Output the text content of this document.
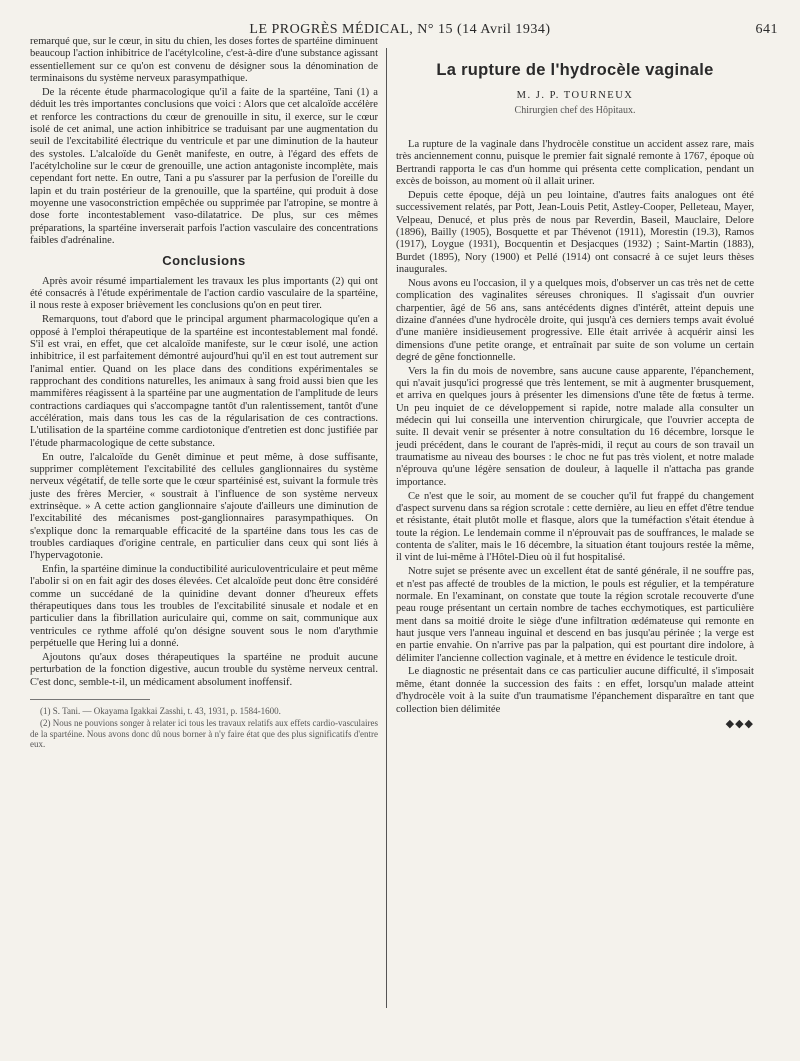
LE PROGRÈS MÉDICAL, N° 15 (14 Avril 1934)	641

remarqué que, sur le cœur, in situ du chien, les doses fortes de spartéine diminuent beaucoup l'action inhibitrice de l'acétylcoline, c'est-à-dire d'une substance agissant essentiellement sur ce qu'on est convenu de désigner sous la dénomination de terminaisons du système nerveux parasympathique.

De la récente étude pharmacologique qu'il a faite de la spartéine, Tani (1) a déduit les très importantes conclusions que voici : Alors que cet alcaloïde accélère et renforce les contractions du cœur de grenouille in situ, il exerce, sur le cœur isolé de cet animal, une action inhibitrice se traduisant par une augmentation du seuil de l'excitabilité électrique du ventricule et par une diminution de la hauteur des systoles. L'alcaloïde du Genêt manifeste, en outre, à l'égard des effets de l'acétylcholine sur le cœur de grenouille, une action antagoniste incomplète, mais cependant fort nette. En outre, Tani a pu s'assurer par la perfusion de l'oreille du lapin et du train postérieur de la grenouille, que la spartéine, qui produit à dose moyenne une vasoconstriction empêchée ou supprimée par l'atropine, se montre à dose forte incontestablement vaso-dilatatrice. De plus, sur ces mêmes préparations, la spartéine inverserait parfois l'action vasculaire des concentrations faibles d'adrénaline.

Conclusions

Après avoir résumé impartialement les travaux les plus importants (2) qui ont été consacrés à l'étude expérimentale de l'action cardio vasculaire de la spartéine, il nous reste à exposer brièvement les conclusions qu'on en peut tirer.

Remarquons, tout d'abord que le principal argument pharmacologique qu'en a opposé à l'emploi thérapeutique de la spartéine est incontestablement mal fondé. S'il est vrai, en effet, que cet alcaloïde manifeste, sur le cœur isolé, une action inhibitrice, il est parfaitement démontré aujourd'hui qu'il en est tout autrement sur l'animal entier. Quand on les place dans des conditions expérimentales se rapprochant des conditions naturelles, les animaux à sang froid aussi bien que les mammifères réagissent à la spartéine par une augmentation de l'amplitude de leurs contractions cardiaques qui s'accompagne tantôt d'un ralentissement, tantôt d'une accélération, mais dans tous les cas de la régularisation de ces contractions. L'utilisation de la spartéine comme cardiotonique d'entretien est donc justifiée par l'étude pharmacologique de cette substance.

En outre, l'alcaloïde du Genêt diminue et peut même, à dose suffisante, supprimer complètement l'excitabilité des cellules ganglionnaires du système nerveux végétatif, de telle sorte que le cœur spartéinisé est, suivant la formule très juste des frères Mercier, « soustrait à l'influence de son système nerveux extrinsèque. » A cette action ganglionnaire s'ajoute d'ailleurs une diminution de l'excitabilité des mécanismes post-ganglionnaires parasympathiques. On s'explique donc la remarquable efficacité de la spartéine dans tous les cas de troubles cardiaques d'origine centrale, en particulier dans ceux qui sont liés à l'hypervagotonie.

Enfin, la spartéine diminue la conductibilité auriculoventriculaire et peut même l'abolir si on en fait agir des doses élevées. Cet alcaloïde peut donc être considéré comme un succédané de la quinidine devant donner d'heureux effets thérapeutiques dans tous les troubles de l'excitabilité sinusale et nodale et en particulier dans la fibrillation auriculaire qui, comme on sait, communique aux ventricules ce rythme affolé qu'on désigne souvent sous le nom d'arythmie perpétuelle que Hering lui a donné.

Ajoutons qu'aux doses thérapeutiques la spartéine ne produit aucune perturbation de la fonction digestive, aucun trouble du système nerveux central. C'est donc, semble-t-il, un médicament absolument inoffensif.

(1) S. Tani. — Okayama Igakkai Zasshi, t. 43, 1931, p. 1584-1600.

(2) Nous ne pouvions songer à relater ici tous les travaux relatifs aux effets cardio-vasculaires de la spartéine. Nous avons donc dû nous borner à n'y faire état que des plus significatifs d'entre eux.

La rupture de l'hydrocèle vaginale
M. J. P. TOURNEUX
Chirurgien chef des Hôpitaux.

La rupture de la vaginale dans l'hydrocèle constitue un accident assez rare, mais très anciennement connu, puisque le premier fait signalé remonte à 1767, époque où Bertrandi rapporta le cas d'un homme qui présenta cette complication, pendant un excès de boisson, au moment où il allait uriner.

Depuis cette époque, déjà un peu lointaine, d'autres faits analogues ont été successivement relatés, par Pott, Jean-Louis Petit, Astley-Cooper, Pelleteau, Mayer, Velpeau, Denucé, et plus près de nous par Reverdin, Baseil, Mauclaire, Delore (1896), Bailly (1905), Bosquette et par Thévenot (1911), Morestin (19.3), Ramos (1917), Loygue (1931), Bocquentin et Desjacques (1932) ; Saint-Martin (1883), Burdet (1895), Nory (1900) et Pellé (1914) ont consacré à ce sujet leurs thèses inaugurales.

Nous avons eu l'occasion, il y a quelques mois, d'observer un cas très net de cette complication des vaginalites séreuses chroniques. Il s'agissait d'un ouvrier charpentier, âgé de 56 ans, sans antécédents dignes d'intérêt, atteint depuis une dizaine d'années d'une hydrocèle droite, qui jusqu'à ces derniers temps avait évolué d'une manière insidieusement progressive. Elle était arrivée à acquérir ainsi les dimensions d'une petite orange, et entraînait par suite de son volume un certain degré de gêne fonctionnelle.

Vers la fin du mois de novembre, sans aucune cause apparente, l'épanchement, qui n'avait jusqu'ici progressé que très lentement, se mit à augmenter brusquement, et arriva en quelques jours à présenter les dimensions d'une tête de fœtus à terme. Un peu inquiet de ce développement si rapide, notre malade alla consulter un médecin qui lui conseilla une intervention chirurgicale, que l'ouvrier accepta de suite. Il devait venir se présenter à notre consultation du 16 décembre, lorsque le jeudi précédent, dans le courant de l'après-midi, il reçut au cours de son travail un traumatisme au niveau des bourses : le choc ne fut pas très violent, et notre malade n'éprouva qu'une légère sensation de douleur, à laquelle il n'attacha pas grande importance.

Ce n'est que le soir, au moment de se coucher qu'il fut frappé du changement d'aspect survenu dans sa région scrotale : cette dernière, au lieu en effet d'être tendue et résistante, était plutôt molle et flasque, alors que la tuméfaction s'était étendue à toute la région. Le lendemain comme il n'éprouvait pas de souffrances, le malade se contenta de s'aliter, mais le 16 décembre, la situation étant toujours restée la même, il vint de lui-même à l'Hôtel-Dieu où il fut hospitalisé.

Notre sujet se présente avec un excellent état de santé générale, il ne souffre pas, et n'est pas affecté de troubles de la miction, le pouls est régulier, et la température normale. En l'examinant, on constate que toute la région scrotale recouverte d'une peau rouge présentant un certain nombre de taches ecchymotiques, est particulière ment dans sa moitié droite le siège d'une infiltration œdémateuse qui remonte en haut jusque vers l'anneau inguinal et descend en bas jusqu'au périnée ; la verge est en partie envahie. On n'arrive pas par la palpation, qui est pourtant dire indolore, à délimiter l'ancienne collection vaginale, et à mettre en évidence le testicule droit.

Le diagnostic ne présentait dans ce cas particulier aucune difficulté, il s'imposait même, étant donnée la succession des faits : en effet, lorsqu'un malade atteint d'hydrocèle voit à la suite d'un traumatisme l'épanchement disparaître en tant que collection bien délimitée

◆◆◆
